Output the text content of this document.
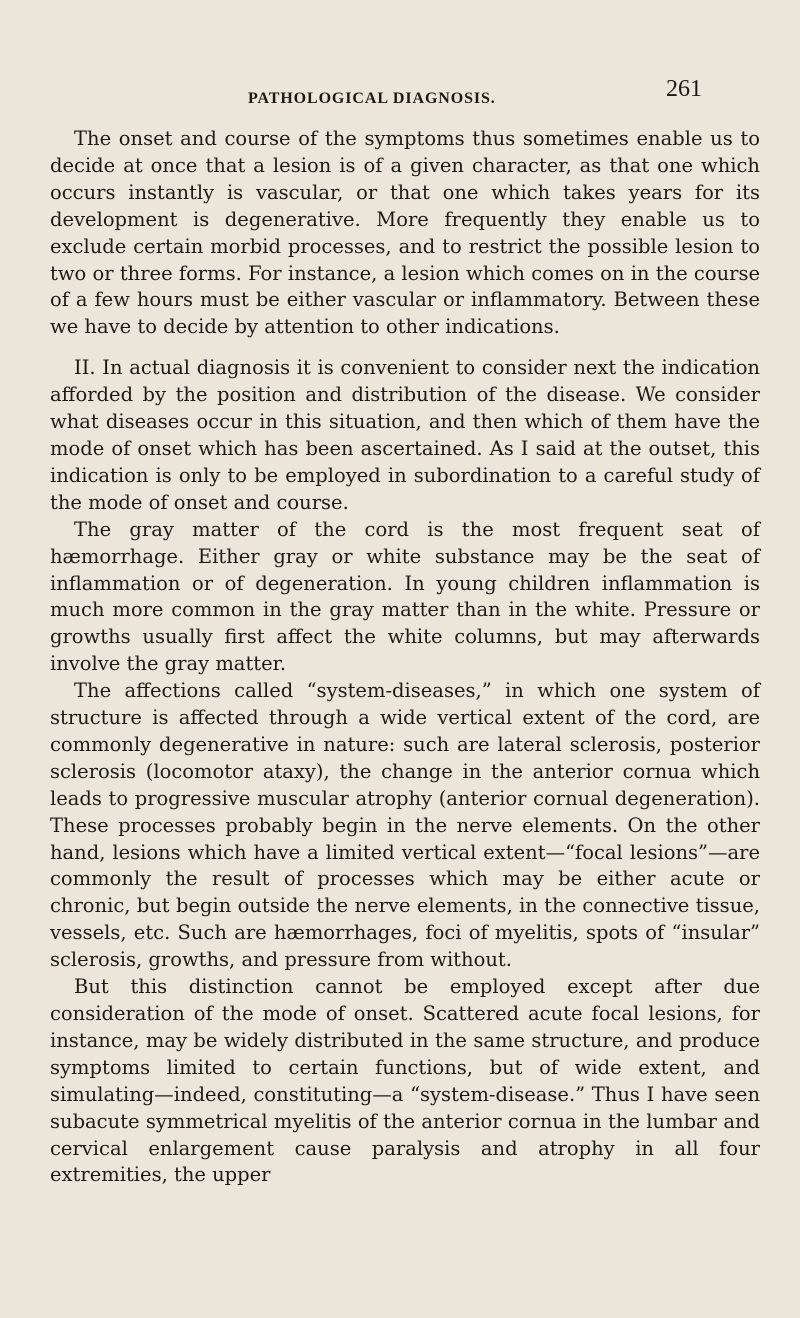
PATHOLOGICAL DIAGNOSIS.	261

The onset and course of the symptoms thus sometimes enable us to decide at once that a lesion is of a given character, as that one which occurs instantly is vascular, or that one which takes years for its development is degenerative. More frequently they enable us to exclude certain morbid processes, and to restrict the possible lesion to two or three forms. For instance, a lesion which comes on in the course of a few hours must be either vascular or inflammatory. Between these we have to decide by attention to other indications.

II. In actual diagnosis it is convenient to consider next the indication afforded by the position and distribution of the disease. We consider what diseases occur in this situation, and then which of them have the mode of onset which has been ascertained. As I said at the outset, this indication is only to be employed in subordination to a careful study of the mode of onset and course.

The gray matter of the cord is the most frequent seat of hæmorrhage. Either gray or white substance may be the seat of inflammation or of degeneration. In young children inflammation is much more common in the gray matter than in the white. Pressure or growths usually first affect the white columns, but may afterwards involve the gray matter.

The affections called “system-diseases,” in which one system of structure is affected through a wide vertical extent of the cord, are commonly degenerative in nature: such are lateral sclerosis, posterior sclerosis (locomotor ataxy), the change in the anterior cornua which leads to progressive muscular atrophy (anterior cornual degeneration). These processes probably begin in the nerve elements. On the other hand, lesions which have a limited vertical extent—“focal lesions”—are commonly the result of processes which may be either acute or chronic, but begin outside the nerve elements, in the connective tissue, vessels, etc. Such are hæmorrhages, foci of myelitis, spots of “insular” sclerosis, growths, and pressure from without.

But this distinction cannot be employed except after due consideration of the mode of onset. Scattered acute focal lesions, for instance, may be widely distributed in the same structure, and produce symptoms limited to certain functions, but of wide extent, and simulating—indeed, constituting—a “system-disease.” Thus I have seen subacute symmetrical myelitis of the anterior cornua in the lumbar and cervical enlargement cause paralysis and atrophy in all four extremities, the upper
